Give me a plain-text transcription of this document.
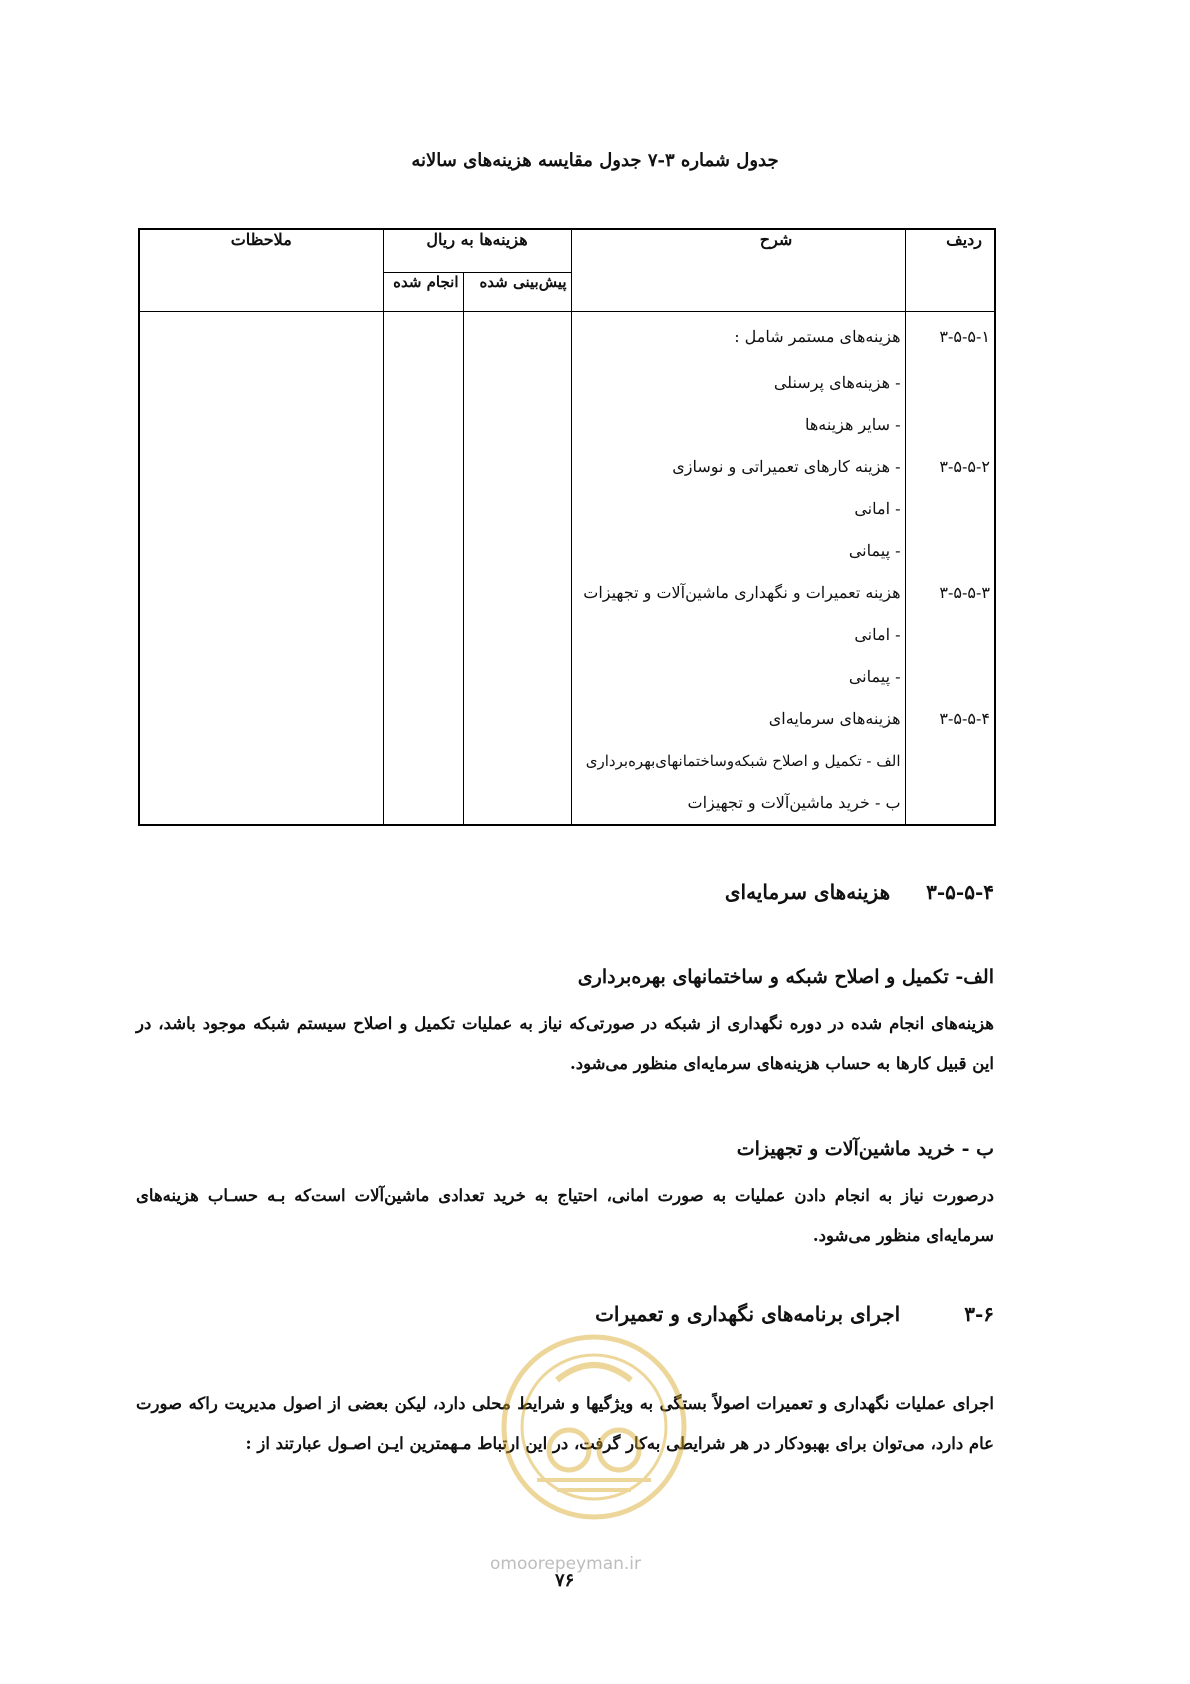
جدول شماره ۳-۷ جدول مقایسه هزینه‌های سالانه
ردیف	شرح	هزینه‌ها به ریال		ملاحظات
		پیش‌بینی شده	انجام شده	
۳-۵-۵-۱	هزینه‌های مستمر شامل :			
	- هزینه‌های پرسنلی			
	- سایر هزینه‌ها			
۳-۵-۵-۲	- هزینه کارهای تعمیراتی و نوسازی			
	- امانی			
	- پیمانی			
۳-۵-۵-۳	هزینه تعمیرات و نگهداری ماشین‌آلات و تجهیزات			
	- امانی			
	- پیمانی			
۳-۵-۵-۴	هزینه‌های سرمایه‌ای			
	الف - تکمیل و اصلاح شبکه‌وساختمانهای‌بهره‌برداری			
	ب - خرید ماشین‌آلات و تجهیزات			
۳-۵-۵-۴هزینه‌های سرمایه‌ای
الف- تکمیل و اصلاح شبکه و ساختمانهای بهره‌برداری
هزینه‌های انجام شده در دوره نگهداری از شبکه در صورتی‌که نیاز به عملیات تکمیل و اصلاح سیستم شبکه موجود باشد، در این قبیل کارها به حساب هزینه‌های سرمایه‌ای منظور می‌شود.
ب - خرید ماشین‌آلات و تجهیزات
درصورت نیاز به انجام دادن عملیات به صورت امانی، احتیاج به خرید تعدادی ماشین‌آلات است‌که بـه حسـاب هزینه‌های سرمایه‌ای منظور می‌شود.
۳-۶اجرای برنامه‌های نگهداری و تعمیرات
اجرای عملیات نگهداری و تعمیرات اصولاً بستگی به ویژگیها و شرایط محلی دارد، لیکن بعضی از اصول مدیریت را‌که صورت عام دارد، می‌توان برای بهبود‌کار در هر شرایطی به‌کار گرفت، در این ارتباط مـهمترین ایـن اصـول عبارتند از :
omoorepeyman.ir
۷۶
